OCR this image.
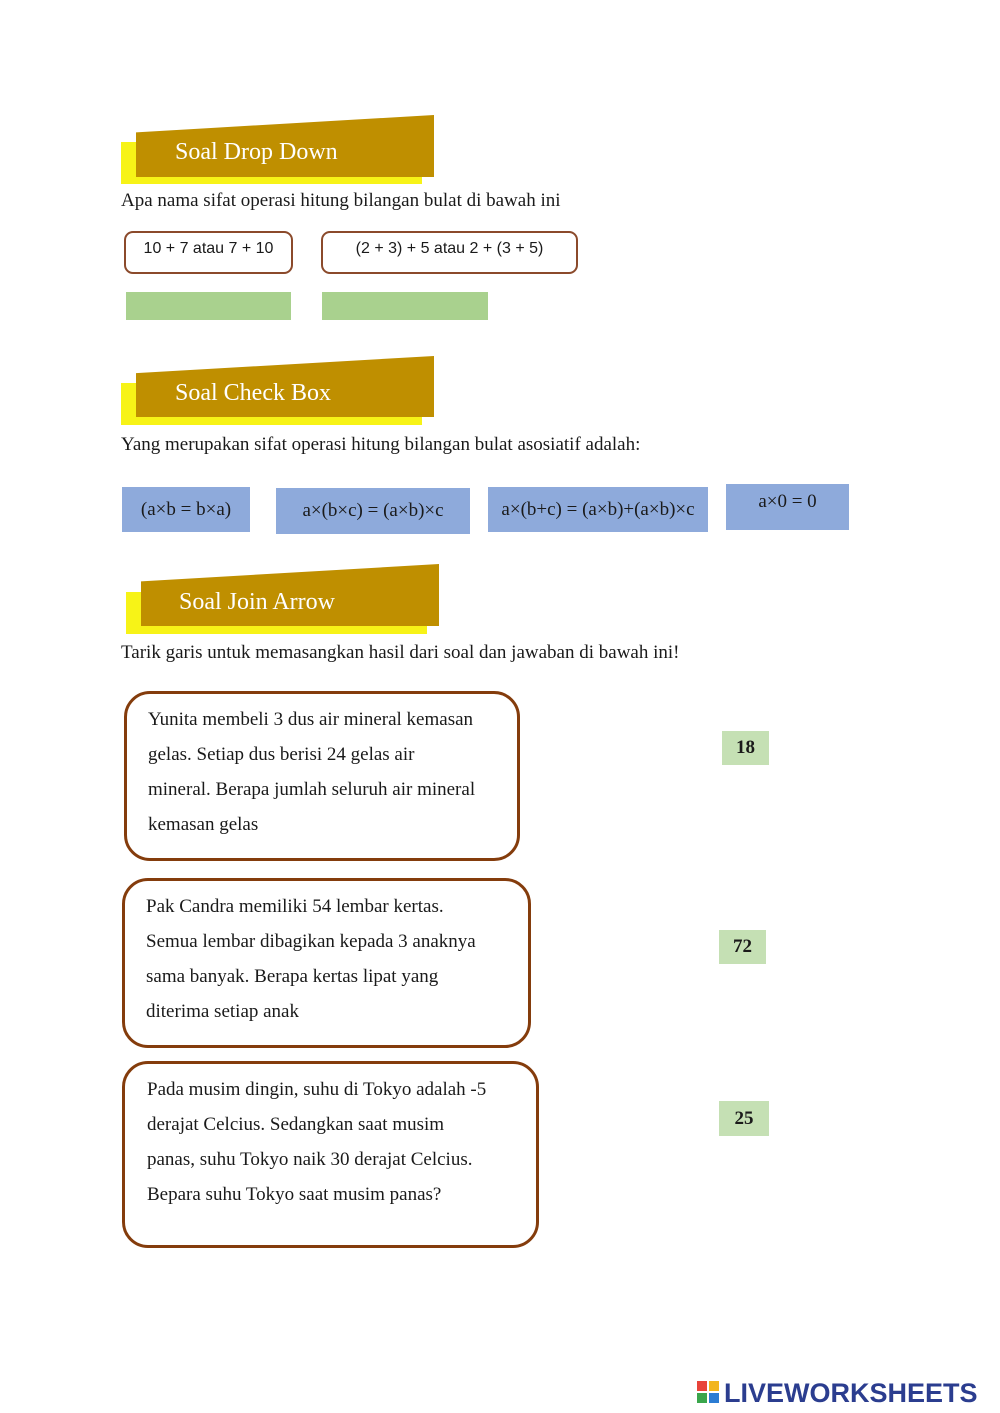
Soal Drop Down
Apa nama sifat operasi hitung bilangan bulat di bawah ini
10 + 7 atau 7 + 10	(2 + 3) + 5 atau 2 + (3 + 5)
Soal Check Box
Yang merupakan sifat operasi hitung bilangan bulat asosiatif adalah:
(a×b = b×a)	a×(b×c) = (a×b)×c	a×(b+c) = (a×b)+(a×b)×c	a×0 = 0
Soal Join Arrow
Tarik garis untuk memasangkan hasil dari soal dan jawaban di bawah ini!
Yunita membeli 3 dus air mineral kemasan
gelas. Setiap dus berisi 24 gelas air
mineral. Berapa jumlah seluruh air mineral
kemasan gelas
Pak Candra memiliki 54 lembar kertas.
Semua lembar dibagikan kepada 3 anaknya
sama banyak. Berapa kertas lipat yang
diterima setiap anak
Pada musim dingin, suhu di Tokyo adalah -5
derajat Celcius. Sedangkan saat musim
panas, suhu Tokyo naik 30 derajat Celcius.
Bepara suhu Tokyo saat musim panas?
18
72
25
LIVEWORKSHEETS
